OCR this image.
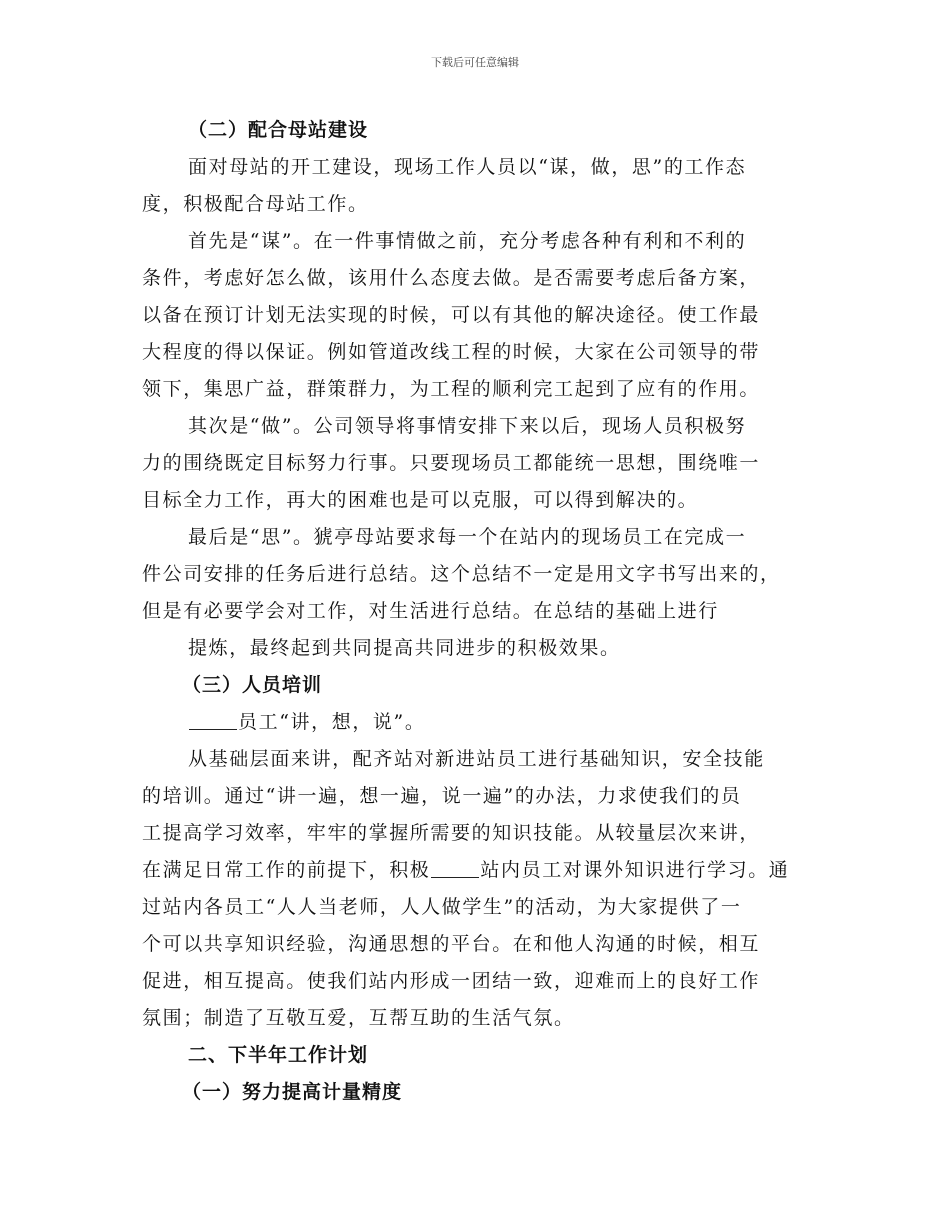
下载后可任意编辑
（二）配合母站建设
面对母站的开工建设，现场工作人员以“谋，做，思”的工作态
度，积极配合母站工作。
首先是“谋”。在一件事情做之前，充分考虑各种有利和不利的
条件，考虑好怎么做，该用什么态度去做。是否需要考虑后备方案，
以备在预订计划无法实现的时候，可以有其他的解决途径。使工作最
大程度的得以保证。例如管道改线工程的时候，大家在公司领导的带
领下，集思广益，群策群力，为工程的顺利完工起到了应有的作用。
其次是“做”。公司领导将事情安排下来以后，现场人员积极努
力的围绕既定目标努力行事。只要现场员工都能统一思想，围绕唯一
目标全力工作，再大的困难也是可以克服，可以得到解决的。
最后是“思”。猇亭母站要求每一个在站内的现场员工在完成一
件公司安排的任务后进行总结。这个总结不一定是用文字书写出来的，
但是有必要学会对工作，对生活进行总结。在总结的基础上进行
提炼，最终起到共同提高共同进步的积极效果。
（三）人员培训
员工“讲，想，说”。
从基础层面来讲，配齐站对新进站员工进行基础知识，安全技能
的培训。通过“讲一遍，想一遍，说一遍”的办法，力求使我们的员
工提高学习效率，牢牢的掌握所需要的知识技能。从较量层次来讲，
在满足日常工作的前提下，积极	站内员工对课外知识进行学习。通
过站内各员工“人人当老师，人人做学生”的活动，为大家提供了一
个可以共享知识经验，沟通思想的平台。在和他人沟通的时候，相互
促进，相互提高。使我们站内形成一团结一致，迎难而上的良好工作
氛围；制造了互敬互爱，互帮互助的生活气氛。
二、下半年工作计划
（一）努力提高计量精度
